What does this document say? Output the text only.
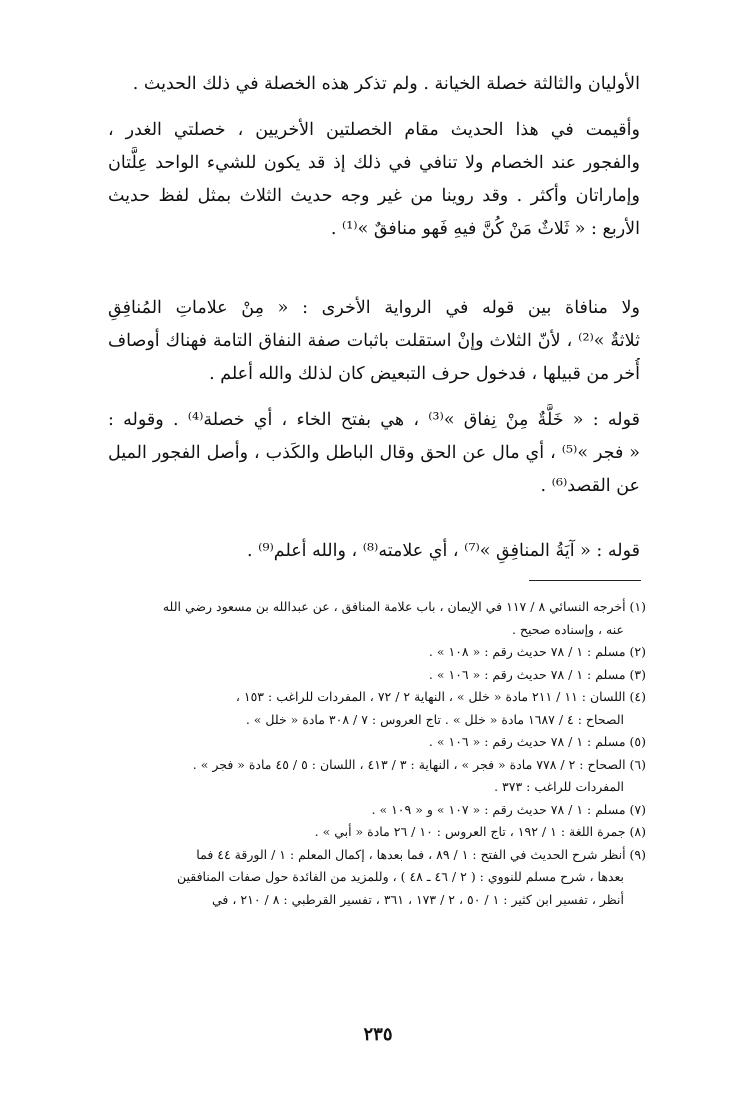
الأوليان والثالثة خصلة الخيانة . ولم تذكر هذه الخصلة في ذلك الحديث .
وأقيمت في هذا الحديث مقام الخصلتين الأخريين ، خصلتي الغدر ،
والفجور عند الخصام ولا تنافي في ذلك إذ قد يكون للشيء الواحد عِلَّتان
وإماراتان وأكثر . وقد روينا من غير وجه حديث الثلاث بمثل لفظ حديث
الأربع : « ثَلاثٌ مَنْ كُنَّ فيهِ فَهو منافقٌ »⁽¹⁾ .
ولا منافاة بين قوله في الرواية الأخرى : « مِنْ علاماتِ المُنافِقِ
ثلاثةٌ »⁽²⁾ ، لأنّ الثلاث وإنْ استقلت باثبات صفة النفاق التامة فهناك أوصاف
أُخر من قبيلها ، فدخول حرف التبعيض كان لذلك والله أعلم .
قوله : « خَلَّةٌ مِنْ نِفاق »⁽³⁾ ، هي بفتح الخاء ، أي خصلة⁽⁴⁾ . وقوله :
« فجر »⁽⁵⁾ ، أي مال عن الحق وقال الباطل والكَذب ، وأصل الفجور الميل
عن القصد⁽⁶⁾ .
قوله : « آيَةُ المنافِقِ »⁽⁷⁾ ، أي علامته⁽⁸⁾ ، والله أعلم⁽⁹⁾ .
(١) أخرجه النسائي ٨ / ١١٧ في الإيمان ، باب علامة المنافق ، عن عبدالله بن مسعود رضي الله
عنه ، وإسناده صحيح .
(٢) مسلم : ١ / ٧٨ حديث رقم : « ١٠٨ » .
(٣) مسلم : ١ / ٧٨ حديث رقم : « ١٠٦ » .
(٤) اللسان : ١١ / ٢١١ مادة « خلل » ، النهاية ٢ / ٧٢ ، المفردات للراغب : ١٥٣ ،
الصحاح : ٤ / ١٦٨٧ مادة « خلل » . تاج العروس : ٧ / ٣٠٨ مادة « خلل » .
(٥) مسلم : ١ / ٧٨ حديث رقم : « ١٠٦ » .
(٦) الصحاح : ٢ / ٧٧٨ مادة « فجر » ، النهاية : ٣ / ٤١٣ ، اللسان : ٥ / ٤٥ مادة « فجر » .
المفردات للراغب : ٣٧٣ .
(٧) مسلم : ١ / ٧٨ حديث رقم : « ١٠٧ » و « ١٠٩ » .
(٨) جمرة اللغة : ١ / ١٩٢ ، تاج العروس : ١٠ / ٢٦ مادة « أبي » .
(٩) أنظر شرح الحديث في الفتح : ١ / ٨٩ ، فما بعدها ، إكمال المعلم : ١ / الورقة ٤٤ فما
بعدها ، شرح مسلم للنووي : ( ٢ / ٤٦ ـ ٤٨ ) ، وللمزيد من الفائدة حول صفات المنافقين
أنظر ، تفسير ابن كثير : ١ / ٥٠ ، ٢ / ١٧٣ ، ٣٦١ ، تفسير القرطبي : ٨ / ٢١٠ ، في
٢٣٥
